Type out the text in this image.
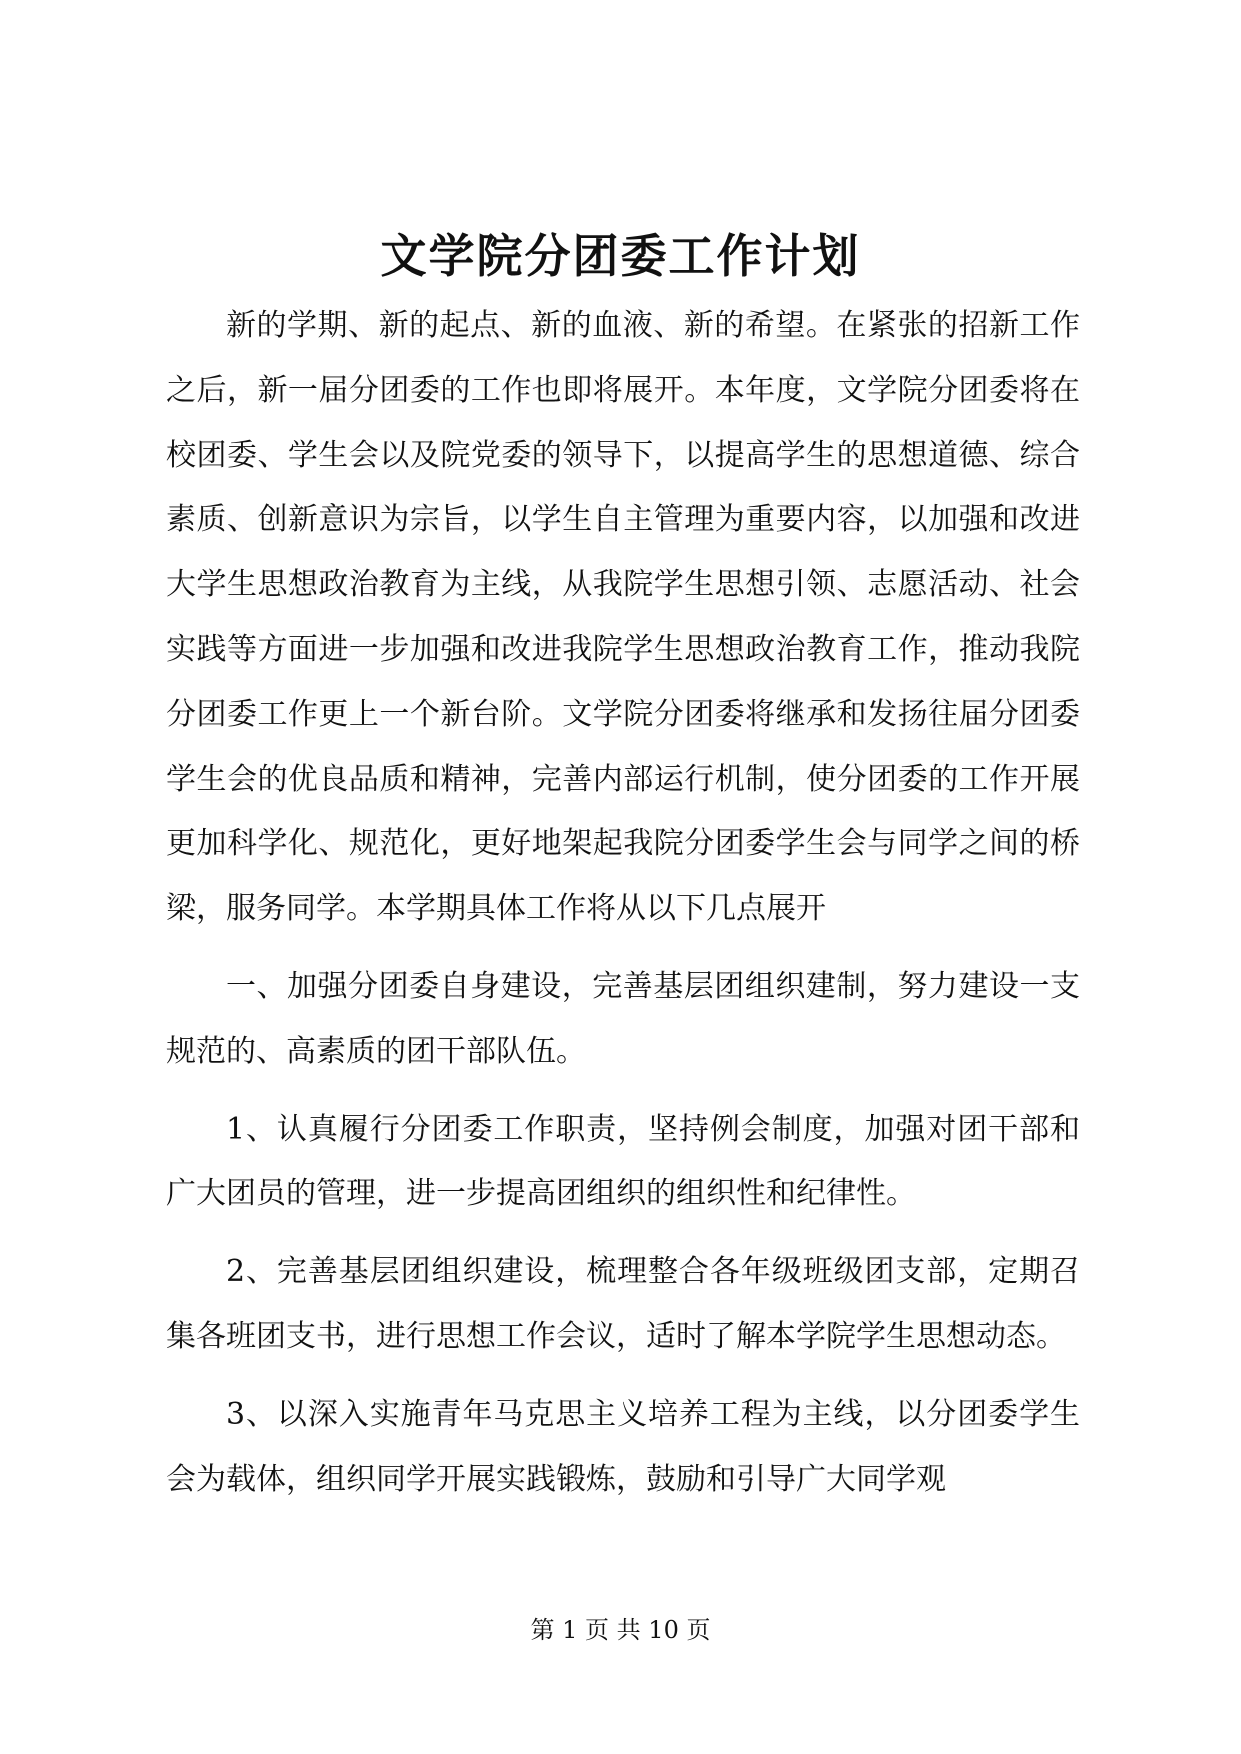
文学院分团委工作计划

新的学期、新的起点、新的血液、新的希望。在紧张的招新工作之后，新一届分团委的工作也即将展开。本年度，文学院分团委将在校团委、学生会以及院党委的领导下，以提高学生的思想道德、综合素质、创新意识为宗旨，以学生自主管理为重要内容，以加强和改进大学生思想政治教育为主线，从我院学生思想引领、志愿活动、社会实践等方面进一步加强和改进我院学生思想政治教育工作，推动我院分团委工作更上一个新台阶。文学院分团委将继承和发扬往届分团委学生会的优良品质和精神，完善内部运行机制，使分团委的工作开展更加科学化、规范化，更好地架起我院分团委学生会与同学之间的桥梁，服务同学。本学期具体工作将从以下几点展开

一、加强分团委自身建设，完善基层团组织建制，努力建设一支规范的、高素质的团干部队伍。

1、认真履行分团委工作职责，坚持例会制度，加强对团干部和广大团员的管理，进一步提高团组织的组织性和纪律性。

2、完善基层团组织建设，梳理整合各年级班级团支部，定期召集各班团支书，进行思想工作会议，适时了解本学院学生思想动态。

3、以深入实施青年马克思主义培养工程为主线，以分团委学生会为载体，组织同学开展实践锻炼，鼓励和引导广大同学观

第 1 页 共 10 页
